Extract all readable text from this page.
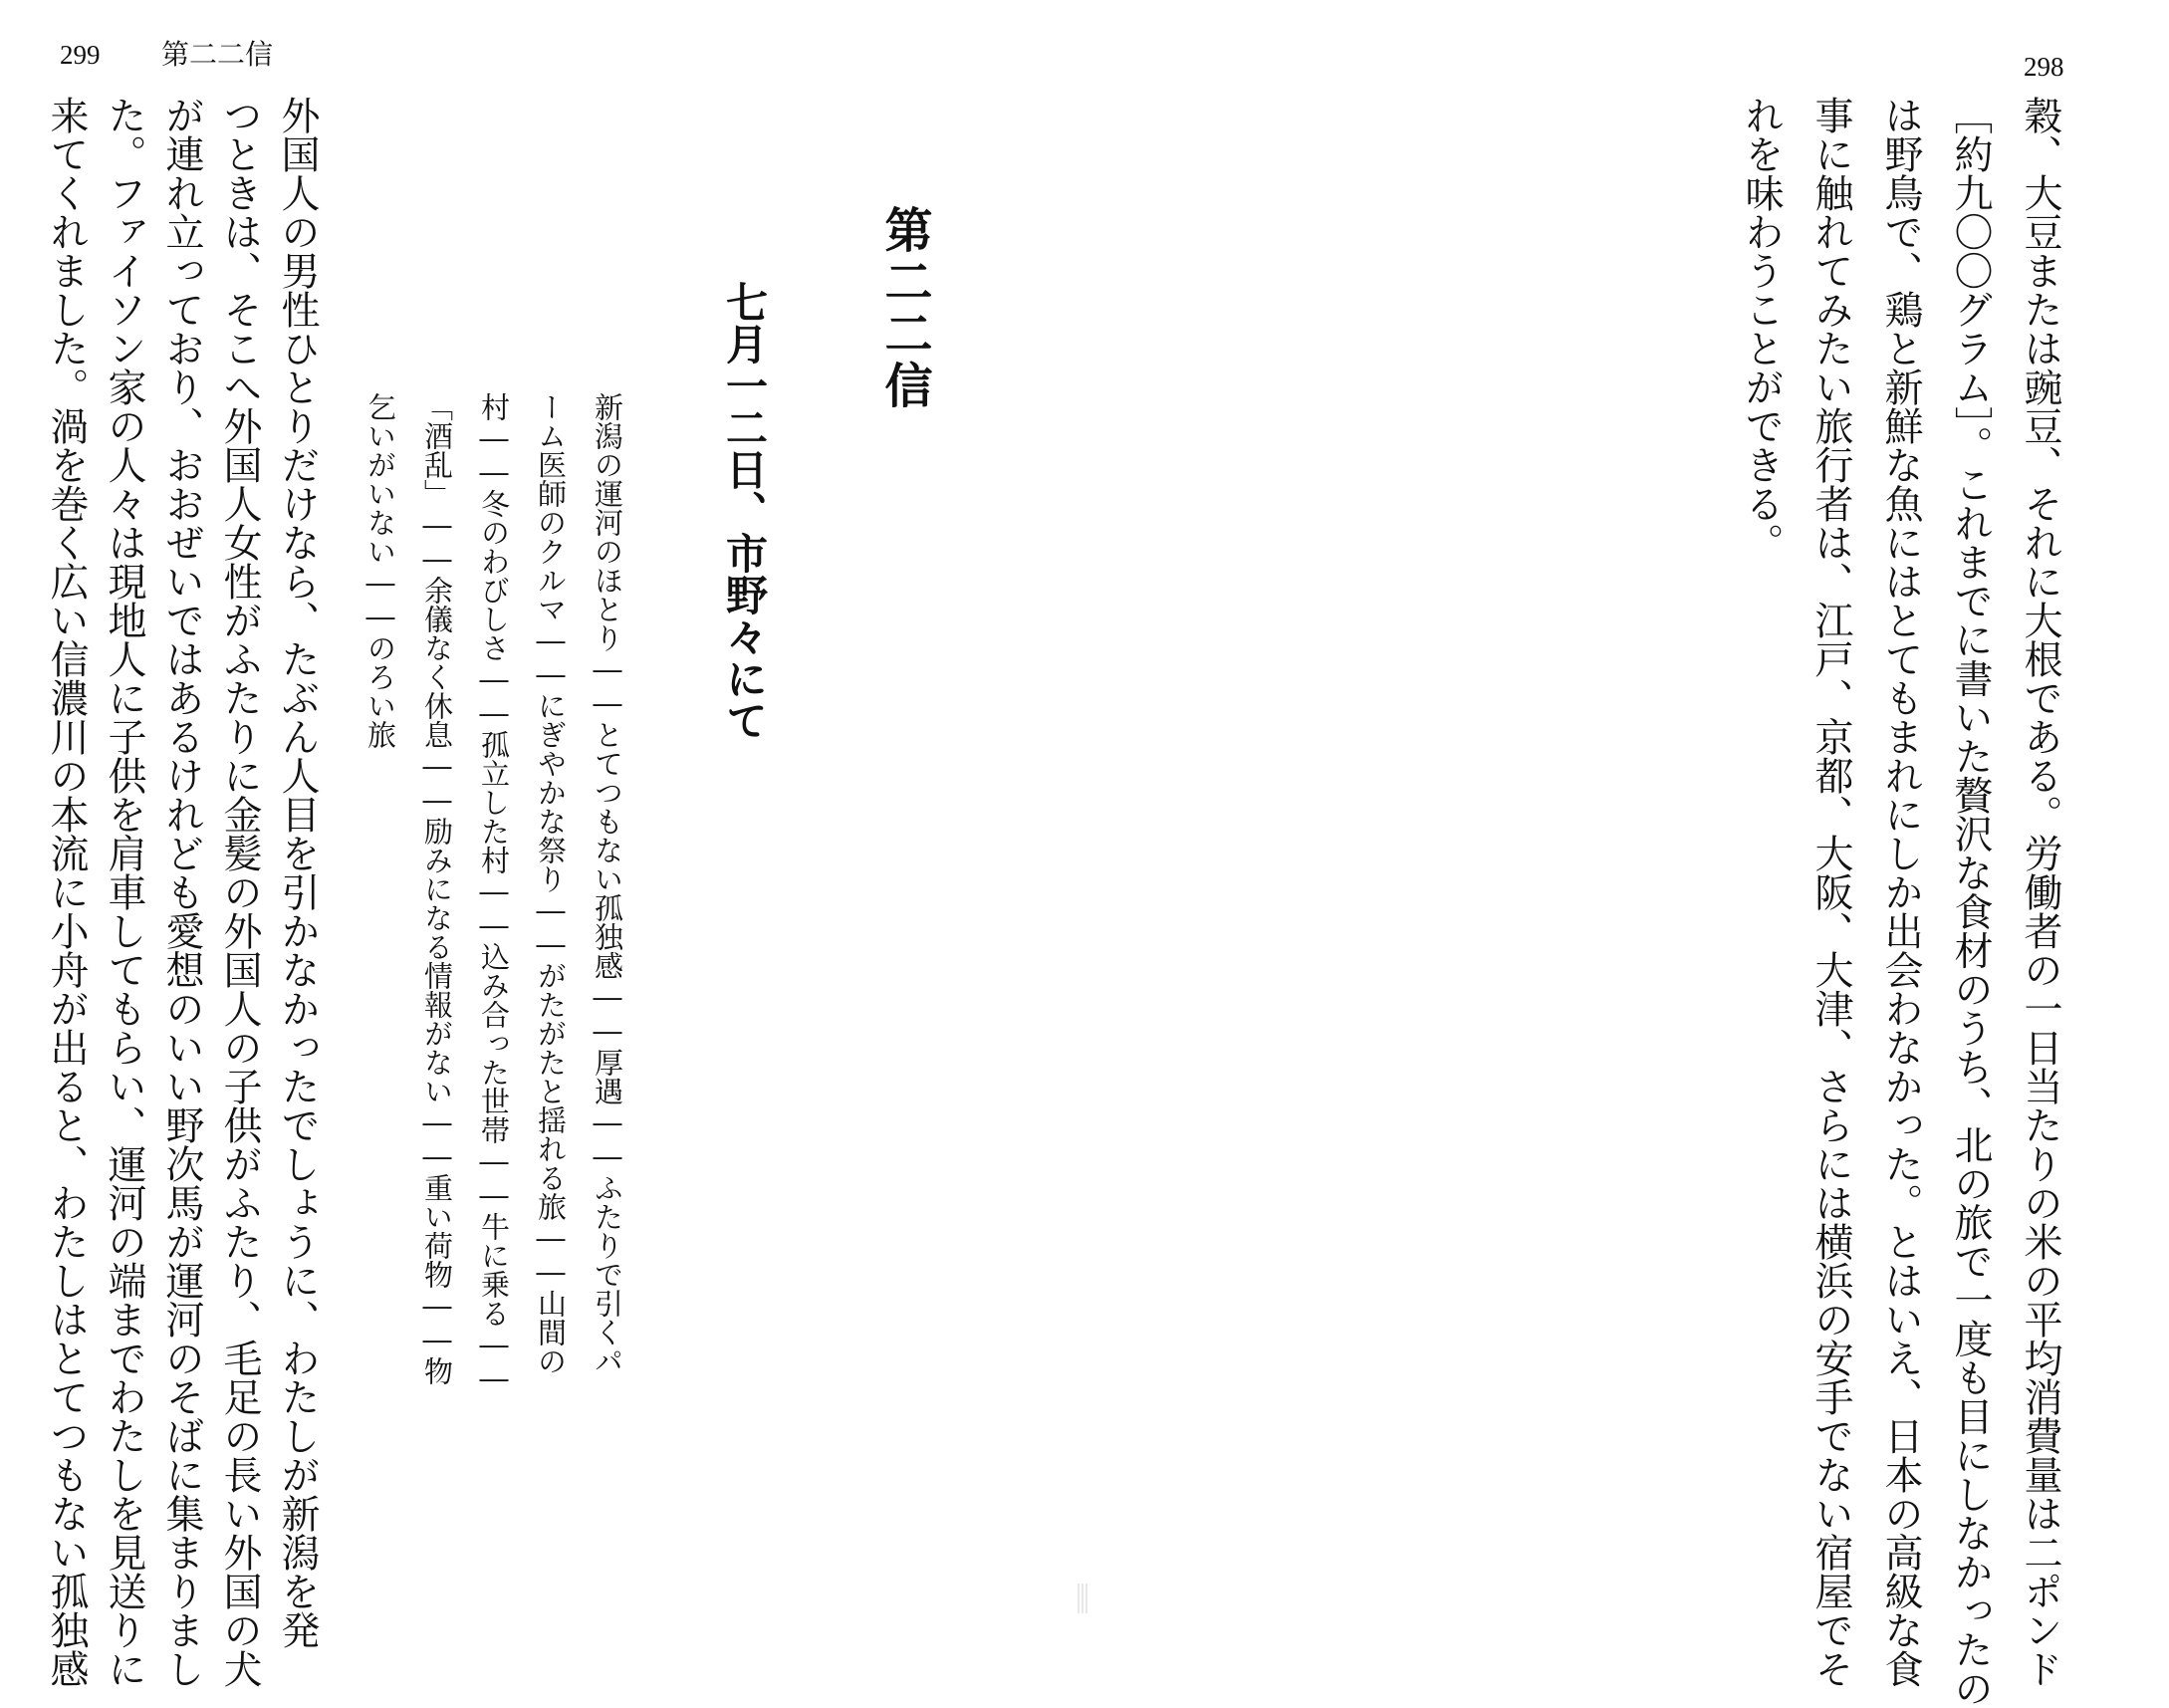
298
穀、大豆または豌豆、それに大根である。労働者の一日当たりの米の平均消費量は二ポンド
［約九〇〇グラム］。これまでに書いた贅沢な食材のうち、北の旅で一度も目にしなかったの
は野鳥で、鶏と新鮮な魚にはとてもまれにしか出会わなかった。とはいえ、日本の高級な食
事に触れてみたい旅行者は、江戸、京都、大阪、大津、さらには横浜の安手でない宿屋でそ
れを味わうことができる。
299 第二二信
第二二信
七月一二日、市野々にて
新潟の運河のほとり――とてつもない孤独感――厚遇――ふたりで引くパ
ーム医師のクルマ――にぎやかな祭り――がたがたと揺れる旅――山間の
村――冬のわびしさ――孤立した村――込み合った世帯――牛に乗る――
「酒乱」――余儀なく休息――励みになる情報がない――重い荷物――物
乞いがいない――のろい旅
外国人の男性ひとりだけなら、たぶん人目を引かなかったでしょうに、わたしが新潟を発
つときは、そこへ外国人女性がふたりに金髪の外国人の子供がふたり、毛足の長い外国の犬
が連れ立っており、おおぜいではあるけれども愛想のいい野次馬が運河のそばに集まりまし
た。ファイソン家の人々は現地人に子供を肩車してもらい、運河の端までわたしを見送りに
来てくれました。渦を巻く広い信濃川の本流に小舟が出ると、わたしはとてつもない孤独感
